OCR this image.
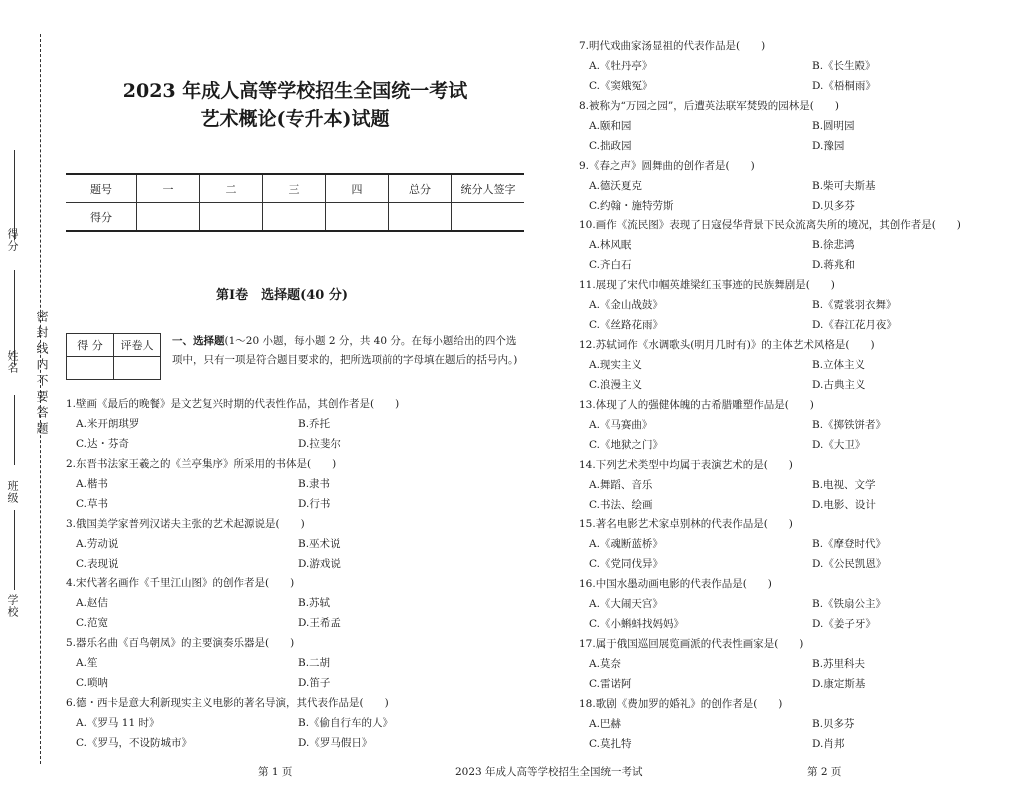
得分
姓名
班级
学校
密封线内不要答题
2023 年成人高等学校招生全国统一考试
艺术概论(专升本)试题
题号	一	二	三	四	总分	统分人签字
得分						
第Ⅰ卷　选择题(40 分)
得 分	评卷人
	一、选择题(1～20 小题，每小题 2 分，共 40 分。在每小题给出的四个选项中，只有一项是符合题目要求的，把所选项前的字母填在题后的括号内。)
1.壁画《最后的晚餐》是文艺复兴时期的代表性作品，其创作者是(　　)
A.米开朗琪罗	B.乔托
C.达・芬奇	D.拉斐尔
2.东晋书法家王羲之的《兰亭集序》所采用的书体是(　　)
A.楷书	B.隶书
C.草书	D.行书
3.俄国美学家普列汉诺夫主张的艺术起源说是(　　)
A.劳动说	B.巫术说
C.表现说	D.游戏说
4.宋代著名画作《千里江山图》的创作者是(　　)
A.赵佶	B.苏轼
C.范宽	D.王希孟
5.器乐名曲《百鸟朝凤》的主要演奏乐器是(　　)
A.笙	B.二胡
C.唢呐	D.笛子
6.德・西卡是意大利新现实主义电影的著名导演，其代表作品是(　　)
A.《罗马 11 时》	B.《偷自行车的人》
C.《罗马，不设防城市》	D.《罗马假日》
7.明代戏曲家汤显祖的代表作品是(　　)
A.《牡丹亭》	B.《长生殿》
C.《窦娥冤》	D.《梧桐雨》
8.被称为“万园之园”，后遭英法联军焚毁的园林是(　　)
A.颐和园	B.圆明园
C.拙政园	D.豫园
9.《春之声》圆舞曲的创作者是(　　)
A.德沃夏克	B.柴可夫斯基
C.约翰・施特劳斯	D.贝多芬
10.画作《流民图》表现了日寇侵华背景下民众流离失所的境况，其创作者是(　　)
A.林风眠	B.徐悲鸿
C.齐白石	D.蒋兆和
11.展现了宋代巾帼英雄梁红玉事迹的民族舞剧是(　　)
A.《金山战鼓》	B.《霓裳羽衣舞》
C.《丝路花雨》	D.《春江花月夜》
12.苏轼词作《水调歌头(明月几时有)》的主体艺术风格是(　　)
A.现实主义	B.立体主义
C.浪漫主义	D.古典主义
13.体现了人的强健体魄的古希腊雕塑作品是(　　)
A.《马赛曲》	B.《掷铁饼者》
C.《地狱之门》	D.《大卫》
14.下列艺术类型中均属于表演艺术的是(　　)
A.舞蹈、音乐	B.电视、文学
C.书法、绘画	D.电影、设计
15.著名电影艺术家卓别林的代表作品是(　　)
A.《魂断蓝桥》	B.《摩登时代》
C.《党同伐异》	D.《公民凯恩》
16.中国水墨动画电影的代表作品是(　　)
A.《大闹天宫》	B.《铁扇公主》
C.《小蝌蚪找妈妈》	D.《姜子牙》
17.属于俄国巡回展览画派的代表性画家是(　　)
A.莫奈	B.苏里科夫
C.雷诺阿	D.康定斯基
18.歌剧《费加罗的婚礼》的创作者是(　　)
A.巴赫	B.贝多芬
C.莫扎特	D.肖邦
第 1 页	2023 年成人高等学校招生全国统一考试	第 2 页
